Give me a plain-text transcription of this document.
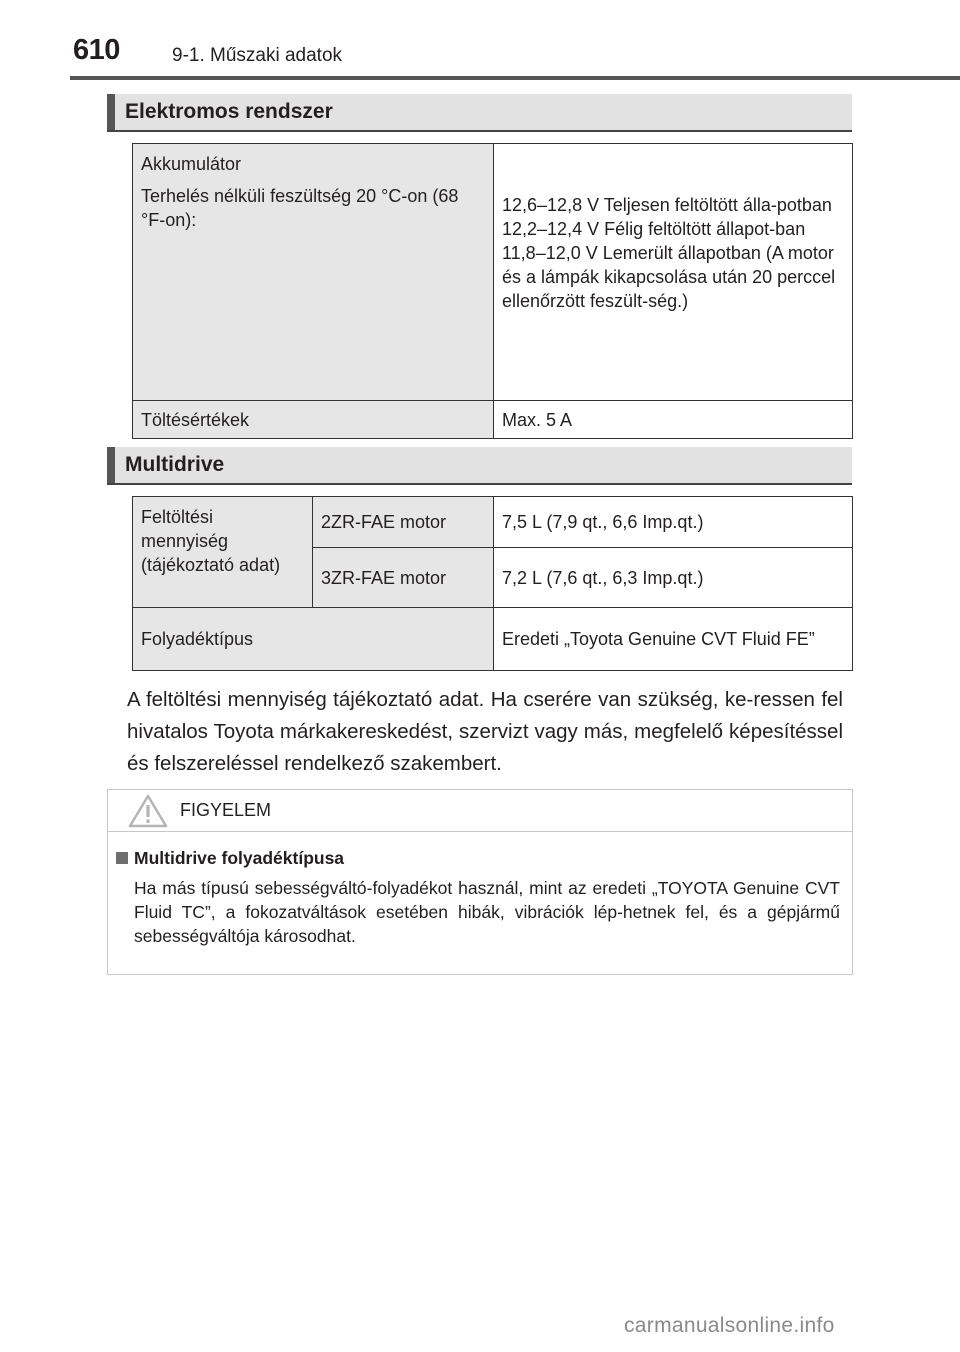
610	9-1. Műszaki adatok
Elektromos rendszer
Akkumulátor
Terhelés nélküli feszültség 20 °C-on (68 °F-on):	12,6–12,8 V Teljesen feltöltött álla-potban 12,2–12,4 V Félig feltöltött állapot-ban 11,8–12,0 V Lemerült állapotban (A motor és a lámpák kikapcsolása után 20 perccel ellenőrzött feszült-ség.)

Töltésértékek	Max. 5 A
Multidrive
Feltöltési mennyiség (tájékoztató adat)	2ZR-FAE motor	7,5 L (7,9 qt., 6,6 Imp.qt.)
	3ZR-FAE motor	7,2 L (7,6 qt., 6,3 Imp.qt.)
Folyadéktípus		Eredeti „Toyota Genuine CVT Fluid FE”
A feltöltési mennyiség tájékoztató adat. Ha cserére van szükség, ke-ressen fel hivatalos Toyota márkakereskedést, szervizt vagy más, megfelelő képesítéssel és felszereléssel rendelkező szakembert.
FIGYELEM
Multidrive folyadéktípusa
Ha más típusú sebességváltó-folyadékot használ, mint az eredeti „TOYOTA Genuine CVT Fluid TC”, a fokozatváltások esetében hibák, vibrációk lép-hetnek fel, és a gépjármű sebességváltója károsodhat.
carmanualsonline.info
